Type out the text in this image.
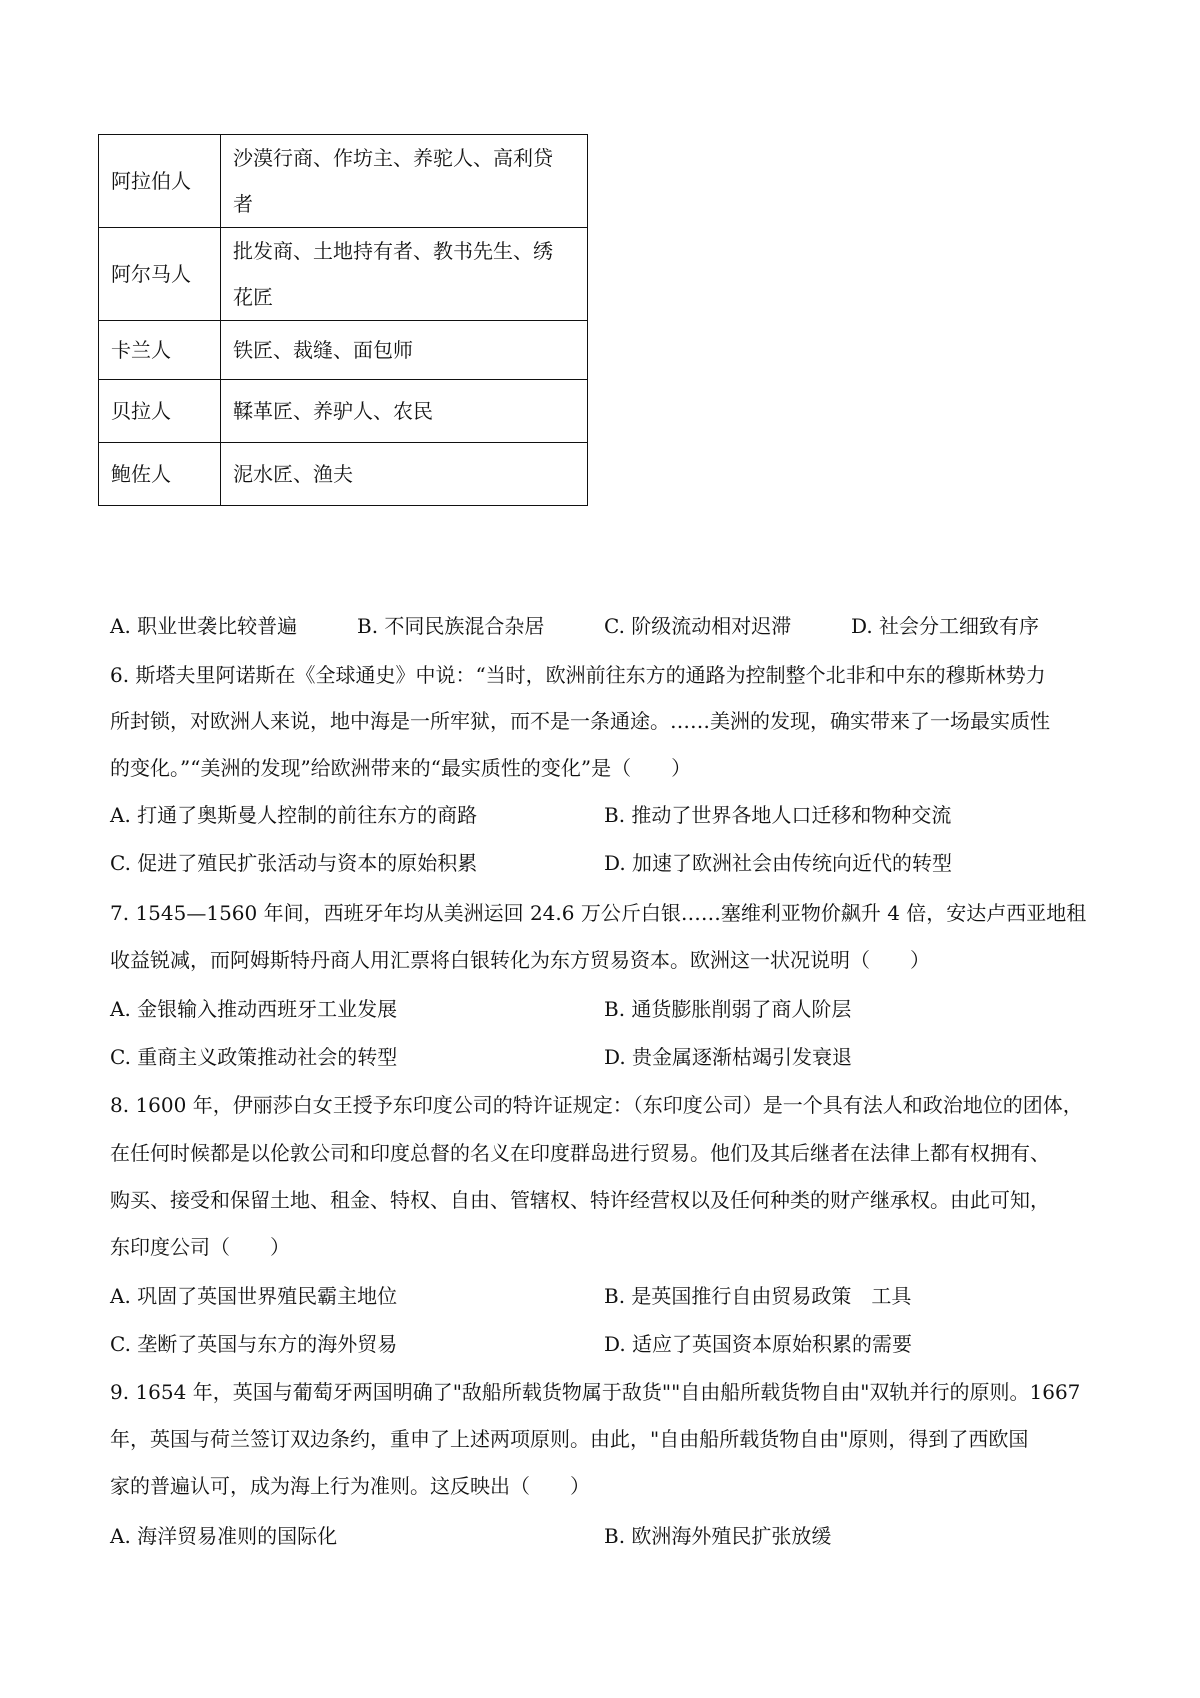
阿拉伯人	沙漠行商、作坊主、养驼人、高利贷
者
阿尔马人	批发商、土地持有者、教书先生、绣
花匠
卡兰人	铁匠、裁缝、面包师
贝拉人	鞣革匠、养驴人、农民
鲍佐人	泥水匠、渔夫
A. 职业世袭比较普遍	B. 不同民族混合杂居	C. 阶级流动相对迟滞	D. 社会分工细致有序
6. 斯塔夫里阿诺斯在《全球通史》中说：“当时，欧洲前往东方的通路为控制整个北非和中东的穆斯林势力
所封锁，对欧洲人来说，地中海是一所牢狱，而不是一条通途。……美洲的发现，确实带来了一场最实质性
的变化。”“美洲的发现”给欧洲带来的“最实质性的变化”是（　　）
A. 打通了奥斯曼人控制的前往东方的商路	B. 推动了世界各地人口迁移和物种交流
C. 促进了殖民扩张活动与资本的原始积累	D. 加速了欧洲社会由传统向近代的转型
7. 1545—1560 年间，西班牙年均从美洲运回 24.6 万公斤白银……塞维利亚物价飙升 4 倍，安达卢西亚地租
收益锐减，而阿姆斯特丹商人用汇票将白银转化为东方贸易资本。欧洲这一状况说明（　　）
A. 金银输入推动西班牙工业发展	B. 通货膨胀削弱了商人阶层
C. 重商主义政策推动社会的转型	D. 贵金属逐渐枯竭引发衰退
8. 1600 年，伊丽莎白女王授予东印度公司的特许证规定：（东印度公司）是一个具有法人和政治地位的团体，
在任何时候都是以伦敦公司和印度总督的名义在印度群岛进行贸易。他们及其后继者在法律上都有权拥有、
购买、接受和保留土地、租金、特权、自由、管辖权、特许经营权以及任何种类的财产继承权。由此可知，
东印度公司（　　）
A. 巩固了英国世界殖民霸主地位	B. 是英国推行自由贸易政策　工具
C. 垄断了英国与东方的海外贸易	D. 适应了英国资本原始积累的需要
9. 1654 年，英国与葡萄牙两国明确了"敌船所载货物属于敌货""自由船所载货物自由"双轨并行的原则。1667
年，英国与荷兰签订双边条约，重申了上述两项原则。由此，"自由船所载货物自由"原则，得到了西欧国
家的普遍认可，成为海上行为准则。这反映出（　　）
A. 海洋贸易准则的国际化	B. 欧洲海外殖民扩张放缓
